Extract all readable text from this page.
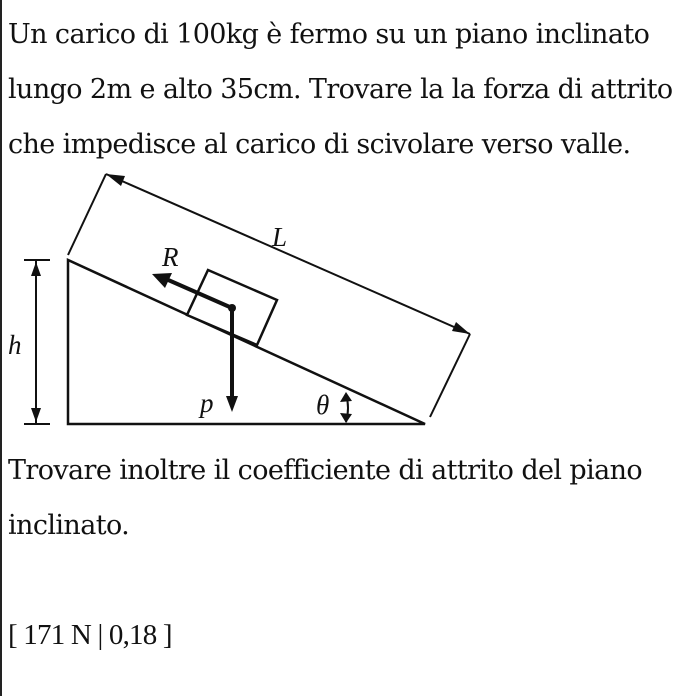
Un carico di 100kg è fermo su un piano inclinato
lungo 2m e alto 35cm. Trovare la la forza di attrito
che impedisce al carico di scivolare verso valle.
h
L
R
p	θ
Trovare inoltre il coefficiente di attrito del piano
inclinato.
[ 171 N | 0,18 ]
